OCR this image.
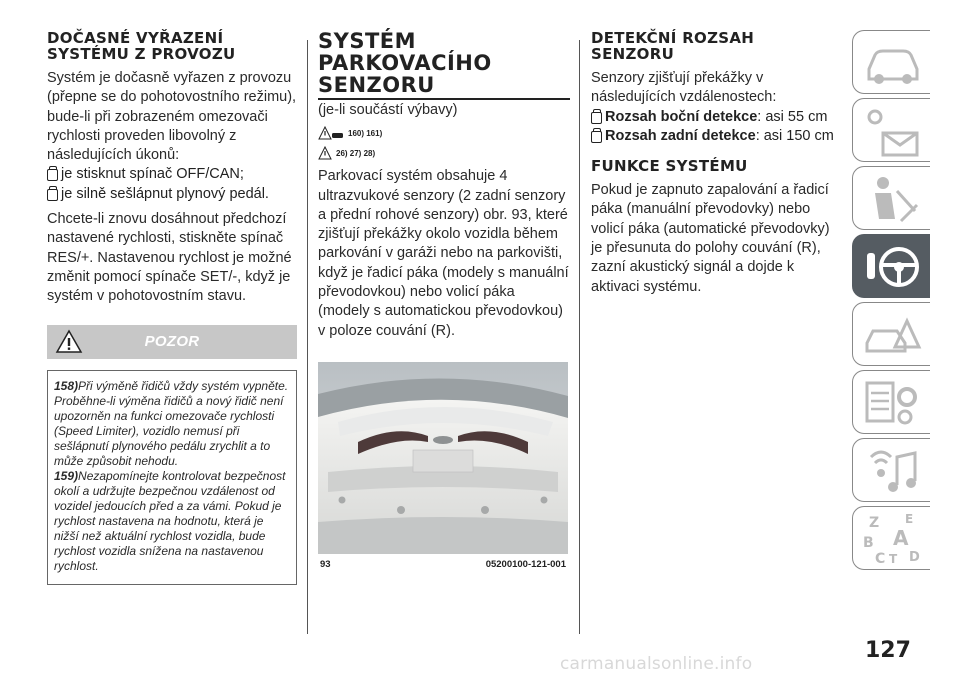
DOČASNÉ VYŘAZENÍ
SYSTÉMU Z PROVOZU

Systém je dočasně vyřazen z provozu (přepne se do pohotovostního režimu), bude-li při zobrazeném omezovači rychlosti proveden libovolný z následujících úkonů:

je stisknut spínač OFF/CAN;
je silně sešlápnut plynový pedál.

Chcete-li znovu dosáhnout předchozí nastavené rychlosti, stiskněte spínač RES/+. Nastavenou rychlost je možné změnit pomocí spínače SET/-, když je systém v pohotovostním stavu.

POZOR

158)Při výměně řidičů vždy systém vypněte. Proběhne-li výměna řidičů a nový řidič není upozorněn na funkci omezovače rychlosti (Speed Limiter), vozidlo nemusí při sešlápnutí plynového pedálu zrychlit a to může způsobit nehodu.

159)Nezapomínejte kontrolovat bezpečnost okolí a udržujte bezpečnou vzdálenost od vozidel jedoucích před a za vámi. Pokud je rychlost nastavena na hodnotu, která je nižší než aktuální rychlost vozidla, bude rychlost vozidla snížena na nastavenou rychlost.

SYSTÉM
PARKOVACÍHO
SENZORU

(je-li součástí výbavy)

160) 161)
26) 27) 28)

Parkovací systém obsahuje 4 ultrazvukové senzory (2 zadní senzory a přední rohové senzory) obr. 93, které zjišťují překážky okolo vozidla během parkování v garáži nebo na parkovišti, když je řadicí páka (modely s manuální převodovkou) nebo volicí páka (modely s automatickou převodovkou) v poloze couvání (R).

93	05200100-121-001
DETEKČNÍ ROZSAH
SENZORU

Senzory zjišťují překážky v následujících vzdálenostech:

Rozsah boční detekce: asi 55 cm
Rozsah zadní detekce: asi 150 cm
FUNKCE SYSTÉMU

Pokud je zapnuto zapalování a řadicí páka (manuální převodovky) nebo volicí páka (automatické převodovky) je přesunuta do polohy couvání (R), zazní akustický signál a dojde k aktivaci systému.

Z E
B A
C T D
127
carmanualsonline.info
